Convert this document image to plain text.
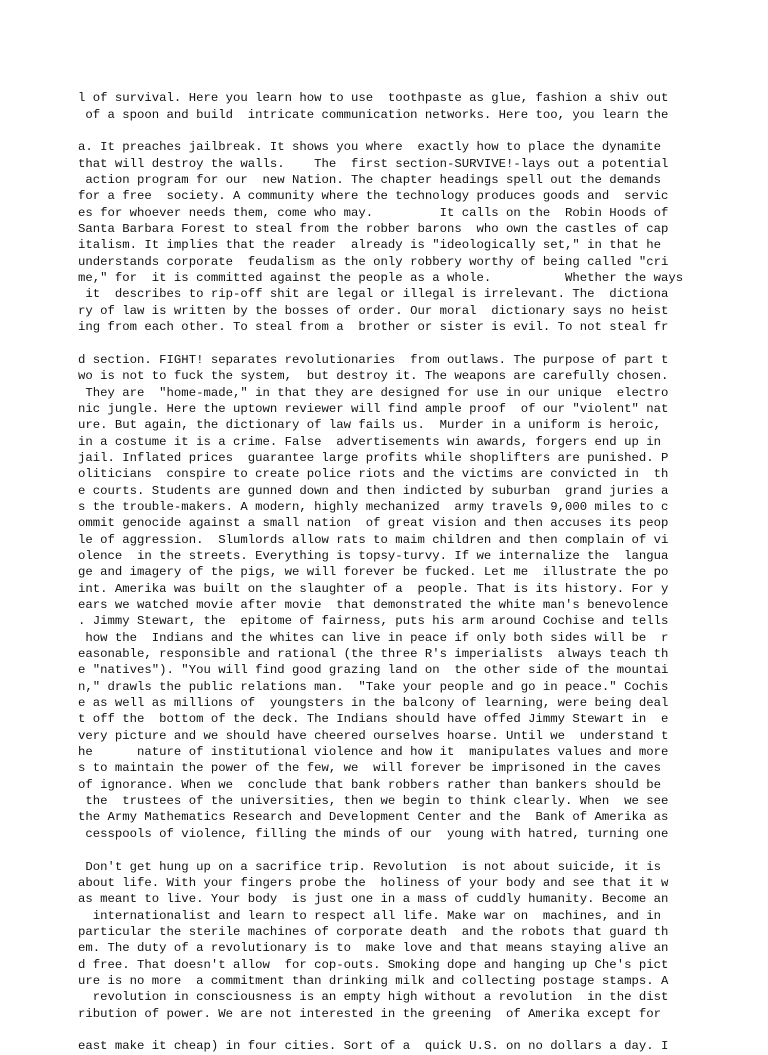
l of survival. Here you learn how to use  toothpaste as glue, fashion a shiv out
of a spoon and build  intricate communication networks. Here too, you learn the
a. It preaches jailbreak. It shows you where  exactly how to place the dynamite
that will destroy the walls.    The  first section-SURVIVE!-lays out a potential
action program for our  new Nation. The chapter headings spell out the demands
for a free  society. A community where the technology produces goods and  servic
es for whoever needs them, come who may.         It calls on the  Robin Hoods of
Santa Barbara Forest to steal from the robber barons  who own the castles of cap
italism. It implies that the reader  already is "ideologically set," in that he
understands corporate  feudalism as the only robbery worthy of being called "cri
me," for  it is committed against the people as a whole.          Whether the ways
it  describes to rip-off shit are legal or illegal is irrelevant. The  dictiona
ry of law is written by the bosses of order. Our moral  dictionary says no heist
ing from each other. To steal from a  brother or sister is evil. To not steal fr
d section. FIGHT! separates revolutionaries  from outlaws. The purpose of part t
wo is not to fuck the system,  but destroy it. The weapons are carefully chosen.
They are  "home-made," in that they are designed for use in our unique  electro
nic jungle. Here the uptown reviewer will find ample proof  of our "violent" nat
ure. But again, the dictionary of law fails us.  Murder in a uniform is heroic,
in a costume it is a crime. False  advertisements win awards, forgers end up in
jail. Inflated prices  guarantee large profits while shoplifters are punished. P
oliticians  conspire to create police riots and the victims are convicted in  th
e courts. Students are gunned down and then indicted by suburban  grand juries a
s the trouble-makers. A modern, highly mechanized  army travels 9,000 miles to c
ommit genocide against a small nation  of great vision and then accuses its peop
le of aggression.  Slumlords allow rats to maim children and then complain of vi
olence  in the streets. Everything is topsy-turvy. If we internalize the  langua
ge and imagery of the pigs, we will forever be fucked. Let me  illustrate the po
int. Amerika was built on the slaughter of a  people. That is its history. For y
ears we watched movie after movie  that demonstrated the white man's benevolence
. Jimmy Stewart, the  epitome of fairness, puts his arm around Cochise and tells
how the  Indians and the whites can live in peace if only both sides will be  r
easonable, responsible and rational (the three R's imperialists  always teach th
e "natives"). "You will find good grazing land on  the other side of the mountai
n," drawls the public relations man.  "Take your people and go in peace." Cochis
e as well as millions of  youngsters in the balcony of learning, were being deal
t off the  bottom of the deck. The Indians should have offed Jimmy Stewart in  e
very picture and we should have cheered ourselves hoarse. Until we  understand t
he      nature of institutional violence and how it  manipulates values and more
s to maintain the power of the few, we  will forever be imprisoned in the caves
of ignorance. When we  conclude that bank robbers rather than bankers should be
the  trustees of the universities, then we begin to think clearly. When  we see
the Army Mathematics Research and Development Center and the  Bank of Amerika as
cesspools of violence, filling the minds of our  young with hatred, turning one
Don't get hung up on a sacrifice trip. Revolution  is not about suicide, it is
about life. With your fingers probe the  holiness of your body and see that it w
as meant to live. Your body  is just one in a mass of cuddly humanity. Become an
internationalist and learn to respect all life. Make war on  machines, and in
particular the sterile machines of corporate death  and the robots that guard th
em. The duty of a revolutionary is to  make love and that means staying alive an
d free. That doesn't allow  for cop-outs. Smoking dope and hanging up Che's pict
ure is no more  a commitment than drinking milk and collecting postage stamps. A
revolution in consciousness is an empty high without a revolution  in the dist
ribution of power. We are not interested in the greening  of Amerika except for
east make it cheap) in four cities. Sort of a  quick U.S. on no dollars a day. I
